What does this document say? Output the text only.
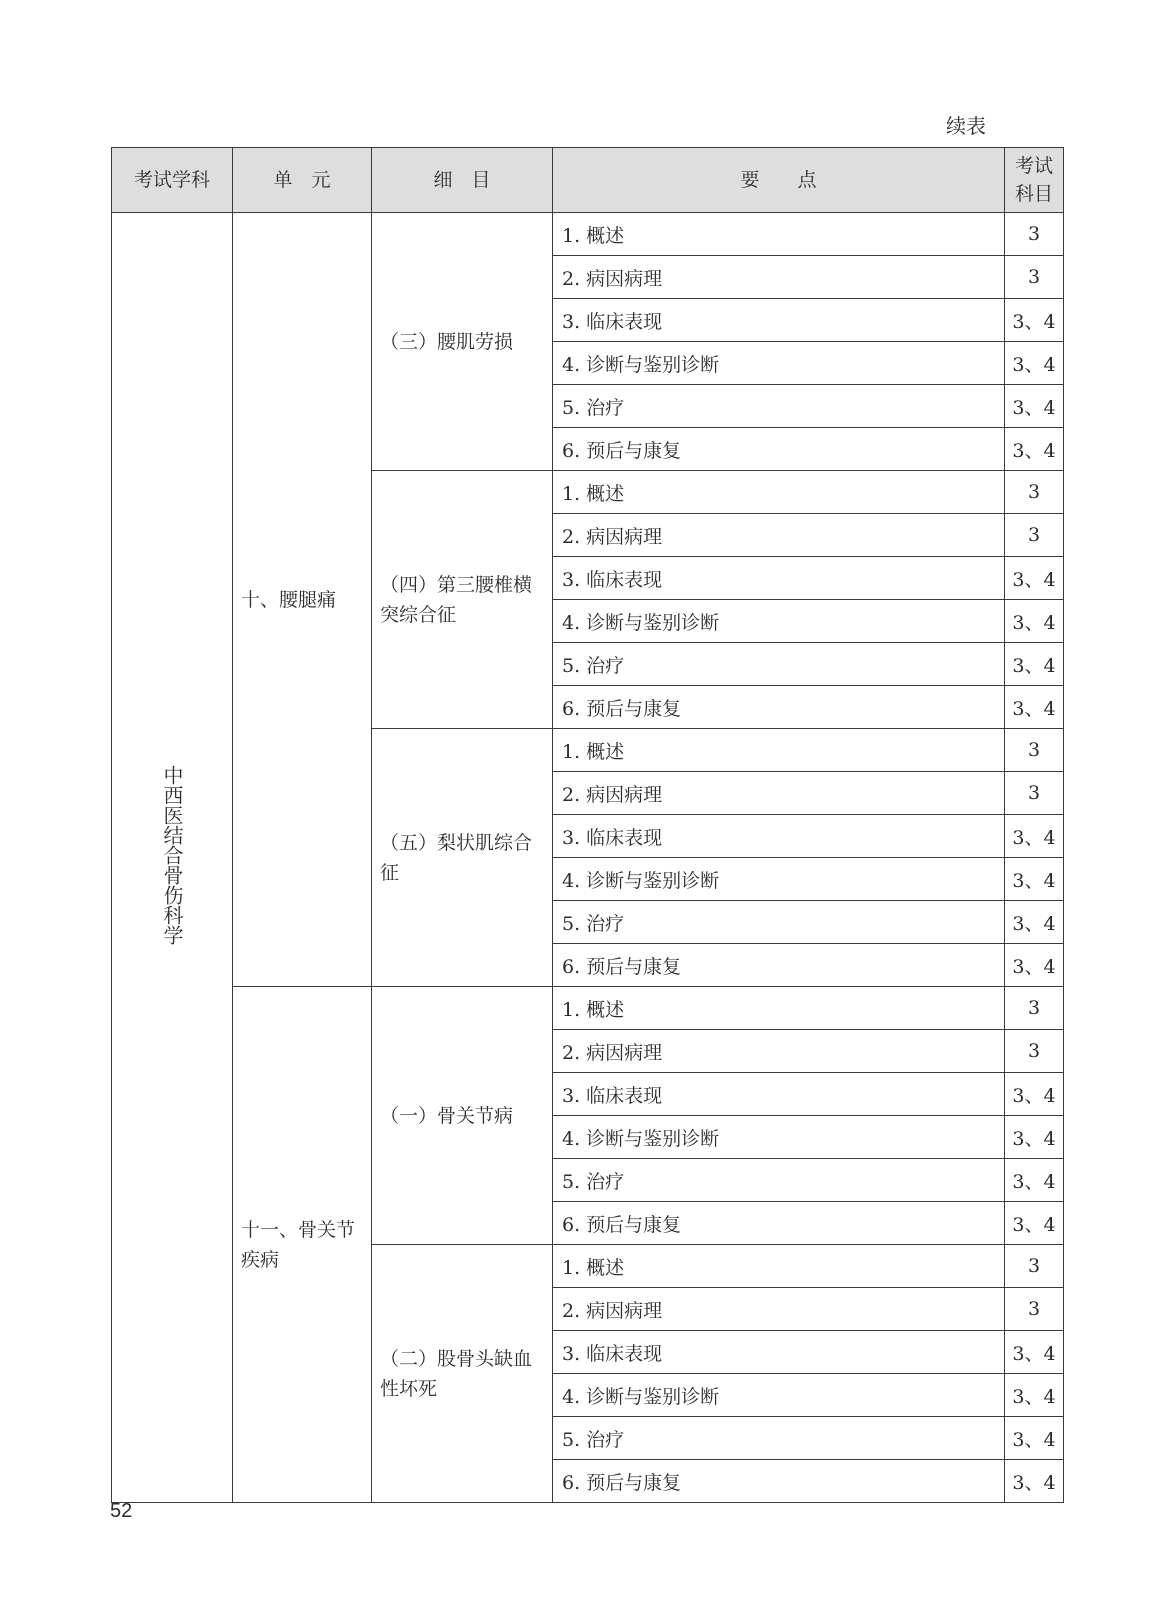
续表
考试学科	单　元	细　目	要　　点	考试科目
中西医结合骨伤科学	十、腰腿痛	（三）腰肌劳损	1. 概述	3
			2. 病因病理	3
			3. 临床表现	3、4
			4. 诊断与鉴别诊断	3、4
			5. 治疗	3、4
			6. 预后与康复	3、4
		（四）第三腰椎横突综合征	1. 概述	3
			2. 病因病理	3
			3. 临床表现	3、4
			4. 诊断与鉴别诊断	3、4
			5. 治疗	3、4
			6. 预后与康复	3、4
		（五）梨状肌综合征	1. 概述	3
			2. 病因病理	3
			3. 临床表现	3、4
			4. 诊断与鉴别诊断	3、4
			5. 治疗	3、4
			6. 预后与康复	3、4
	十一、骨关节疾病	（一）骨关节病	1. 概述	3
			2. 病因病理	3
			3. 临床表现	3、4
			4. 诊断与鉴别诊断	3、4
			5. 治疗	3、4
			6. 预后与康复	3、4
		（二）股骨头缺血性坏死	1. 概述	3
			2. 病因病理	3
			3. 临床表现	3、4
			4. 诊断与鉴别诊断	3、4
			5. 治疗	3、4
			6. 预后与康复	3、4
52
